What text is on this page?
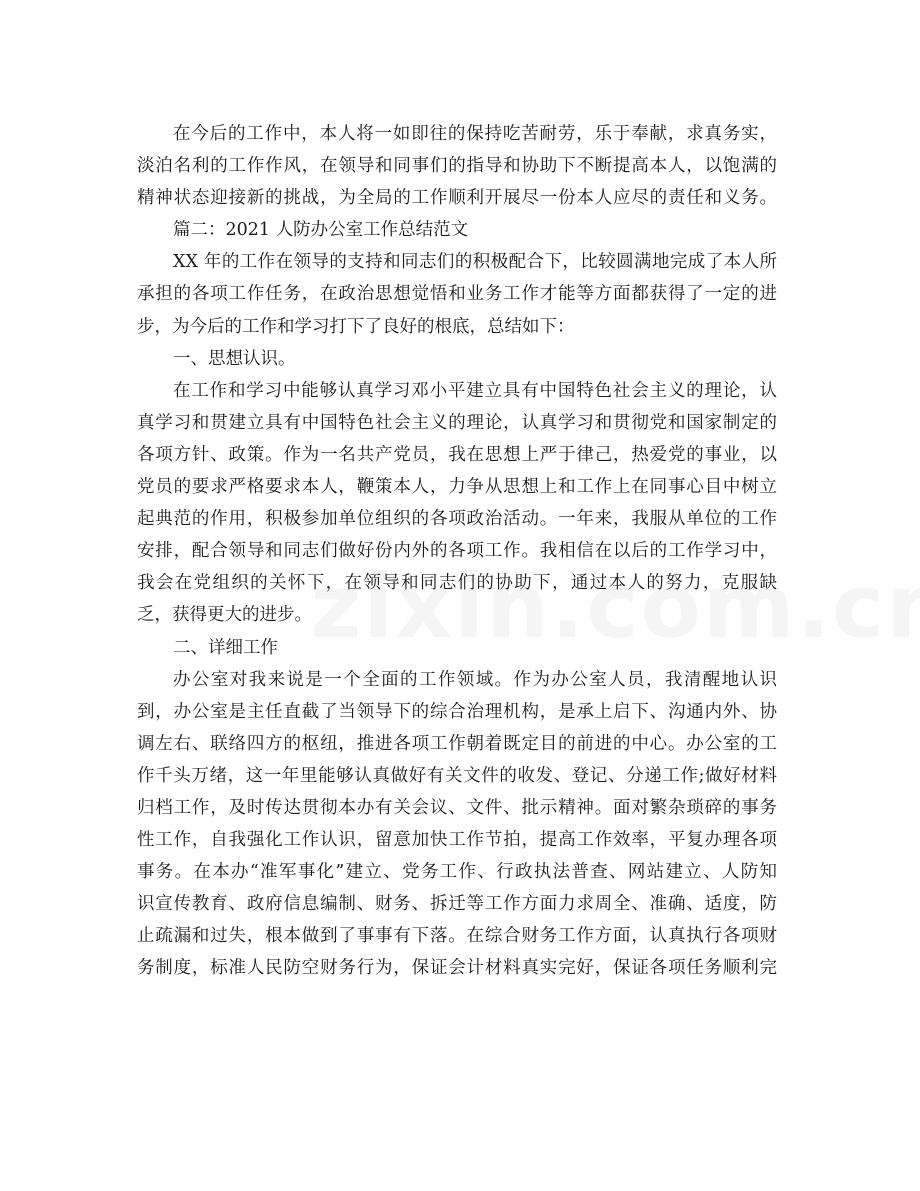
在今后的工作中，本人将一如即往的保持吃苦耐劳，乐于奉献，求真务实，
淡泊名利的工作作风，在领导和同事们的指导和协助下不断提高本人，以饱满的
精神状态迎接新的挑战，为全局的工作顺利开展尽一份本人应尽的责任和义务。
篇二：2021 人防办公室工作总结范文
XX 年的工作在领导的支持和同志们的积极配合下，比较圆满地完成了本人所
承担的各项工作任务，在政治思想觉悟和业务工作才能等方面都获得了一定的进
步，为今后的工作和学习打下了良好的根底，总结如下：
一、思想认识。
在工作和学习中能够认真学习邓小平建立具有中国特色社会主义的理论，认
真学习和贯建立具有中国特色社会主义的理论，认真学习和贯彻党和国家制定的
各项方针、政策。作为一名共产党员，我在思想上严于律己，热爱党的事业，以
党员的要求严格要求本人，鞭策本人，力争从思想上和工作上在同事心目中树立
起典范的作用，积极参加单位组织的各项政治活动。一年来，我服从单位的工作
安排，配合领导和同志们做好份内外的各项工作。我相信在以后的工作学习中，
我会在党组织的关怀下，在领导和同志们的协助下，通过本人的努力，克服缺
乏，获得更大的进步。
二、详细工作
办公室对我来说是一个全面的工作领域。作为办公室人员，我清醒地认识
到，办公室是主任直截了当领导下的综合治理机构，是承上启下、沟通内外、协
调左右、联络四方的枢纽，推进各项工作朝着既定目的前进的中心。办公室的工
作千头万绪，这一年里能够认真做好有关文件的收发、登记、分递工作;做好材料
归档工作，及时传达贯彻本办有关会议、文件、批示精神。面对繁杂琐碎的事务
性工作，自我强化工作认识，留意加快工作节拍，提高工作效率，平复办理各项
事务。在本办“准军事化”建立、党务工作、行政执法普查、网站建立、人防知
识宣传教育、政府信息编制、财务、拆迁等工作方面力求周全、准确、适度，防
止疏漏和过失，根本做到了事事有下落。在综合财务工作方面，认真执行各项财
务制度，标准人民防空财务行为，保证会计材料真实完好，保证各项任务顺利完
